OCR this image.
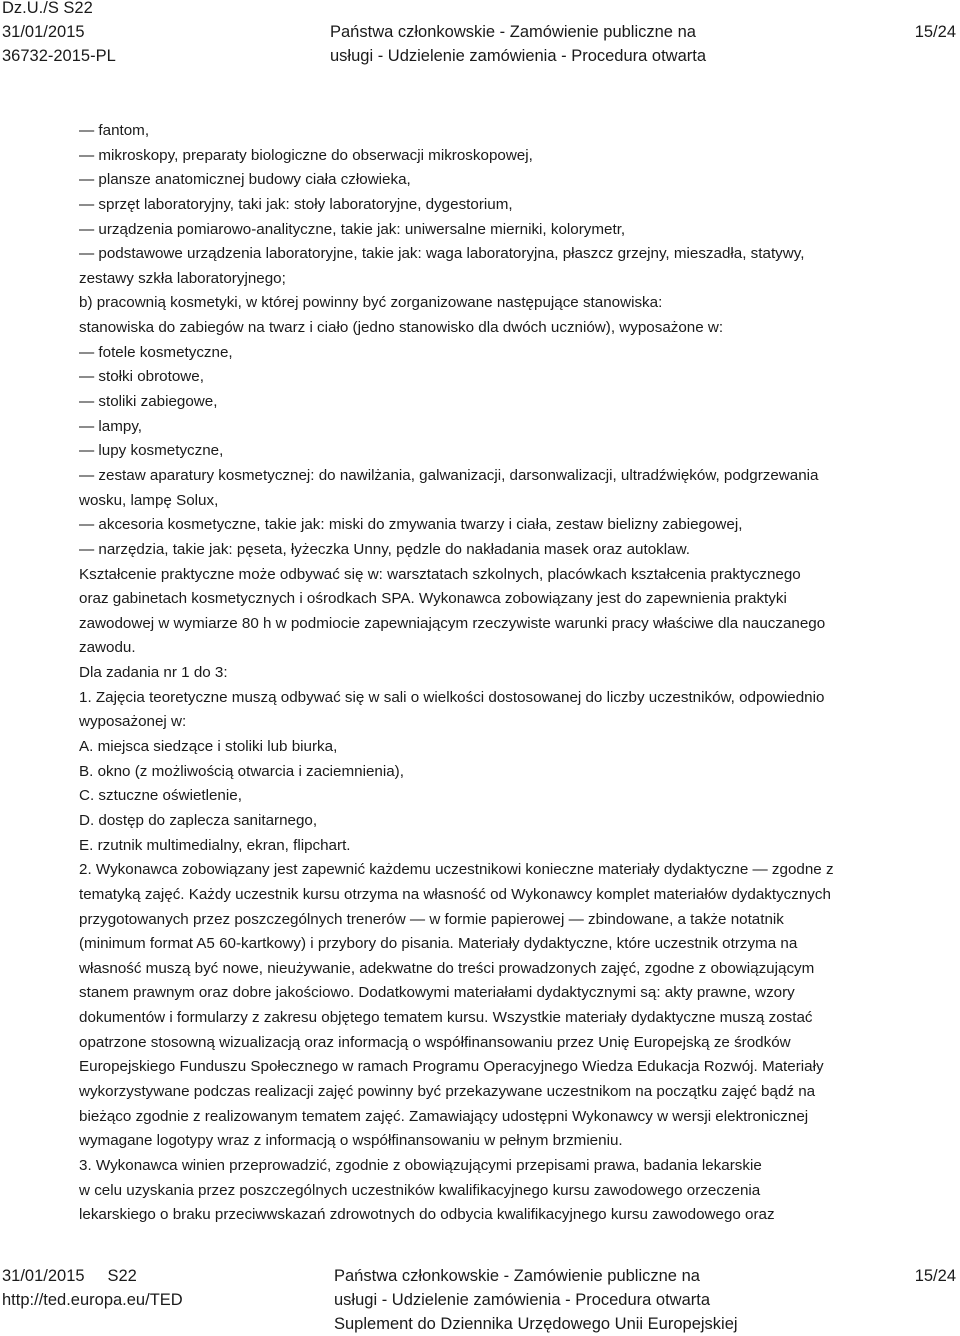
Dz.U./S S22
31/01/2015
36732-2015-PL
Państwa członkowskie - Zamówienie publiczne na
usługi - Udzielenie zamówienia - Procedura otwarta
15/24
— fantom,
— mikroskopy, preparaty biologiczne do obserwacji mikroskopowej,
— plansze anatomicznej budowy ciała człowieka,
— sprzęt laboratoryjny, taki jak: stoły laboratoryjne, dygestorium,
— urządzenia pomiarowo-analityczne, takie jak: uniwersalne mierniki, kolorymetr,
— podstawowe urządzenia laboratoryjne, takie jak: waga laboratoryjna, płaszcz grzejny, mieszadła, statywy,
zestawy szkła laboratoryjnego;
b) pracownią kosmetyki, w której powinny być zorganizowane następujące stanowiska:
stanowiska do zabiegów na twarz i ciało (jedno stanowisko dla dwóch uczniów), wyposażone w:
— fotele kosmetyczne,
— stołki obrotowe,
— stoliki zabiegowe,
— lampy,
— lupy kosmetyczne,
— zestaw aparatury kosmetycznej: do nawilżania, galwanizacji, darsonwalizacji, ultradźwięków, podgrzewania
wosku, lampę Solux,
— akcesoria kosmetyczne, takie jak: miski do zmywania twarzy i ciała, zestaw bielizny zabiegowej,
— narzędzia, takie jak: pęseta, łyżeczka Unny, pędzle do nakładania masek oraz autoklaw.
Kształcenie praktyczne może odbywać się w: warsztatach szkolnych, placówkach kształcenia praktycznego
oraz gabinetach kosmetycznych i ośrodkach SPA. Wykonawca zobowiązany jest do zapewnienia praktyki
zawodowej w wymiarze 80 h w podmiocie zapewniającym rzeczywiste warunki pracy właściwe dla nauczanego
zawodu.
Dla zadania nr 1 do 3:
1. Zajęcia teoretyczne muszą odbywać się w sali o wielkości dostosowanej do liczby uczestników, odpowiednio
wyposażonej w:
A. miejsca siedzące i stoliki lub biurka,
B. okno (z możliwością otwarcia i zaciemnienia),
C. sztuczne oświetlenie,
D. dostęp do zaplecza sanitarnego,
E. rzutnik multimedialny, ekran, flipchart.
2. Wykonawca zobowiązany jest zapewnić każdemu uczestnikowi konieczne materiały dydaktyczne — zgodne z
tematyką zajęć. Każdy uczestnik kursu otrzyma na własność od Wykonawcy komplet materiałów dydaktycznych
przygotowanych przez poszczególnych trenerów — w formie papierowej — zbindowane, a także notatnik
(minimum format A5 60-kartkowy) i przybory do pisania. Materiały dydaktyczne, które uczestnik otrzyma na
własność muszą być nowe, nieużywanie, adekwatne do treści prowadzonych zajęć, zgodne z obowiązującym
stanem prawnym oraz dobre jakościowo. Dodatkowymi materiałami dydaktycznymi są: akty prawne, wzory
dokumentów i formularzy z zakresu objętego tematem kursu. Wszystkie materiały dydaktyczne muszą zostać
opatrzone stosowną wizualizacją oraz informacją o współfinansowaniu przez Unię Europejską ze środków
Europejskiego Funduszu Społecznego w ramach Programu Operacyjnego Wiedza Edukacja Rozwój. Materiały
wykorzystywane podczas realizacji zajęć powinny być przekazywane uczestnikom na początku zajęć bądź na
bieżąco zgodnie z realizowanym tematem zajęć. Zamawiający udostępni Wykonawcy w wersji elektronicznej
wymagane logotypy wraz z informacją o współfinansowaniu w pełnym brzmieniu.
3. Wykonawca winien przeprowadzić, zgodnie z obowiązującymi przepisami prawa, badania lekarskie
w celu uzyskania przez poszczególnych uczestników kwalifikacyjnego kursu zawodowego orzeczenia
lekarskiego o braku przeciwwskazań zdrowotnych do odbycia kwalifikacyjnego kursu zawodowego oraz
31/01/2015     S22
http://ted.europa.eu/TED
Państwa członkowskie - Zamówienie publiczne na
usługi - Udzielenie zamówienia - Procedura otwarta
Suplement do Dziennika Urzędowego Unii Europejskiej
15/24
